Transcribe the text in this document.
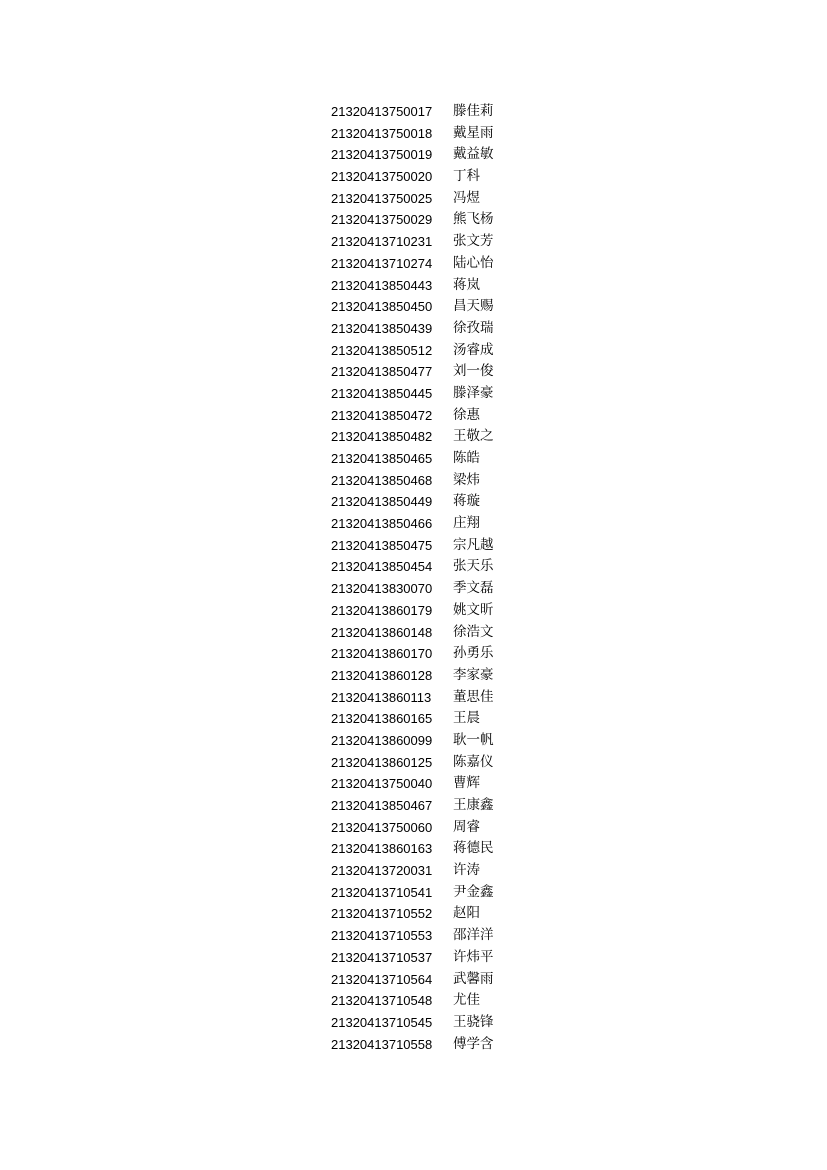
21320413750017	滕佳莉
21320413750018	戴星雨
21320413750019	戴益敏
21320413750020	丁科
21320413750025	冯煜
21320413750029	熊飞杨
21320413710231	张文芳
21320413710274	陆心怡
21320413850443	蒋岚
21320413850450	昌天赐
21320413850439	徐孜瑞
21320413850512	汤睿成
21320413850477	刘一俊
21320413850445	滕泽豪
21320413850472	徐惠
21320413850482	王敬之
21320413850465	陈皓
21320413850468	梁炜
21320413850449	蒋璇
21320413850466	庄翔
21320413850475	宗凡越
21320413850454	张天乐
21320413830070	季文磊
21320413860179	姚文昕
21320413860148	徐浩文
21320413860170	孙勇乐
21320413860128	李家豪
21320413860113	董思佳
21320413860165	王晨
21320413860099	耿一帆
21320413860125	陈嘉仪
21320413750040	曹辉
21320413850467	王康鑫
21320413750060	周睿
21320413860163	蒋德民
21320413720031	许涛
21320413710541	尹金鑫
21320413710552	赵阳
21320413710553	邵洋洋
21320413710537	许炜平
21320413710564	武馨雨
21320413710548	尤佳
21320413710545	王骁锋
21320413710558	傅学含
